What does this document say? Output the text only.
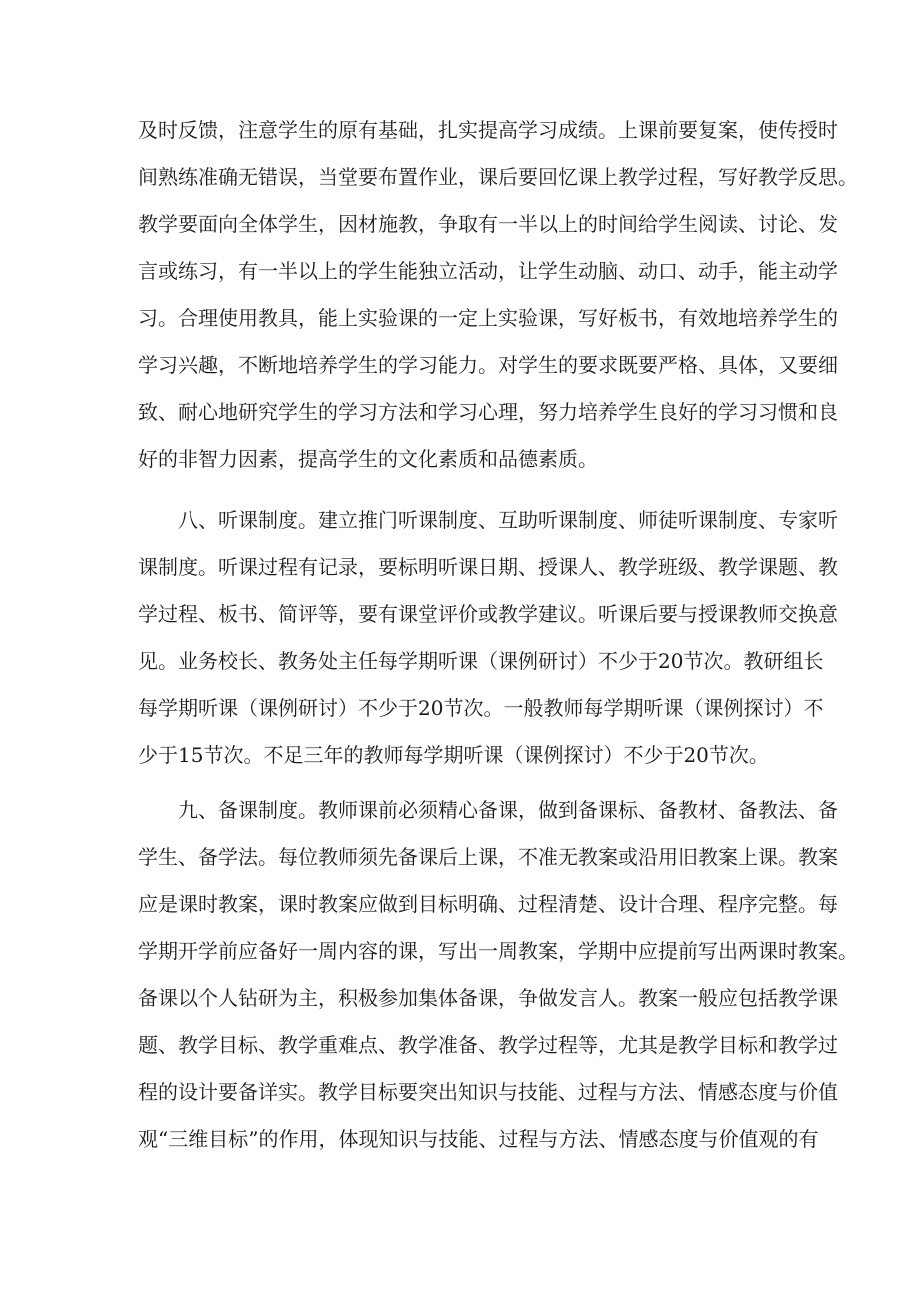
及时反馈，注意学生的原有基础，扎实提高学习成绩。上课前要复案，使传授时
间熟练准确无错误，当堂要布置作业，课后要回忆课上教学过程，写好教学反思。
教学要面向全体学生，因材施教，争取有一半以上的时间给学生阅读、讨论、发
言或练习，有一半以上的学生能独立活动，让学生动脑、动口、动手，能主动学
习。合理使用教具，能上实验课的一定上实验课，写好板书，有效地培养学生的
学习兴趣，不断地培养学生的学习能力。对学生的要求既要严格、具体，又要细
致、耐心地研究学生的学习方法和学习心理，努力培养学生良好的学习习惯和良
好的非智力因素，提高学生的文化素质和品德素质。
八、听课制度。建立推门听课制度、互助听课制度、师徒听课制度、专家听
课制度。听课过程有记录，要标明听课日期、授课人、教学班级、教学课题、教
学过程、板书、简评等，要有课堂评价或教学建议。听课后要与授课教师交换意
见。业务校长、教务处主任每学期听课（课例研讨）不少于20节次。教研组长
每学期听课（课例研讨）不少于20节次。一般教师每学期听课（课例探讨）不
少于15节次。不足三年的教师每学期听课（课例探讨）不少于20节次。
九、备课制度。教师课前必须精心备课，做到备课标、备教材、备教法、备
学生、备学法。每位教师须先备课后上课，不准无教案或沿用旧教案上课。教案
应是课时教案，课时教案应做到目标明确、过程清楚、设计合理、程序完整。每
学期开学前应备好一周内容的课，写出一周教案，学期中应提前写出两课时教案。
备课以个人钻研为主，积极参加集体备课，争做发言人。教案一般应包括教学课
题、教学目标、教学重难点、教学准备、教学过程等，尤其是教学目标和教学过
程的设计要备详实。教学目标要突出知识与技能、过程与方法、情感态度与价值
观“三维目标”的作用，体现知识与技能、过程与方法、情感态度与价值观的有
